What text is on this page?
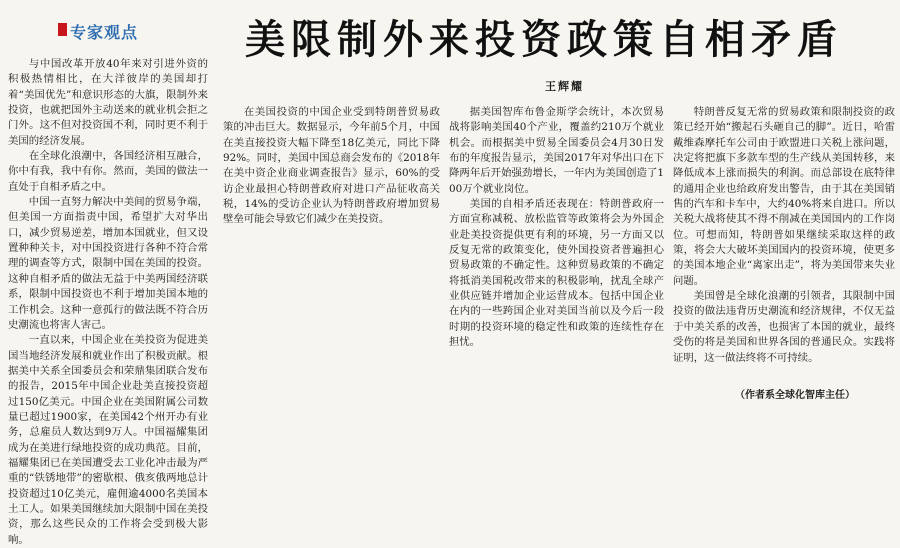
专家观点	美限制外来投资政策自相矛盾
王辉耀

与中国改革开放40年来对引进外资的积极热情相比，在大洋彼岸的美国却打着“美国优先”和意识形态的大旗，限制外来投资，也就把国外主动送来的就业机会拒之门外。这不但对投资国不利，同时更不利于美国的经济发展。

在全球化浪潮中，各国经济相互融合，你中有我，我中有你。然而，美国的做法一直处于自相矛盾之中。

中国一直努力解决中美间的贸易争端，但美国一方面指责中国，希望扩大对华出口，减少贸易逆差，增加本国就业，但又设置种种关卡，对中国投资进行各种不符合常理的调查等方式，限制中国在美国的投资。这种自相矛盾的做法无益于中美两国经济联系，限制中国投资也不利于增加美国本地的工作机会。这种一意孤行的做法既不符合历史潮流也将害人害己。

一直以来，中国企业在美投资为促进美国当地经济发展和就业作出了积极贡献。根据美中关系全国委员会和荣鼎集团联合发布的报告，2015年中国企业赴美直接投资超过150亿美元。中国企业在美国附属公司数量已超过1900家，在美国42个州开办有业务，总雇员人数达到9万人。中国福耀集团成为在美进行绿地投资的成功典范。目前，福耀集团已在美国遭受去工业化冲击最为严重的“铁锈地带”的密歇根、俄亥俄两地总计投资超过10亿美元，雇佣逾4000名美国本土工人。如果美国继续加大限制中国在美投资，那么这些民众的工作将会受到极大影响。

在美国投资的中国企业受到特朗普贸易政策的冲击巨大。数据显示，今年前5个月，中国在美直接投资大幅下降至18亿美元，同比下降92%。同时，美国中国总商会发布的《2018年在美中资企业商业调查报告》显示，60%的受访企业最担心特朗普政府对进口产品征收高关税，14%的受访企业认为特朗普政府增加贸易壁垒可能会导致它们减少在美投资。

据美国智库布鲁金斯学会统计，本次贸易战将影响美国40个产业，覆盖约210万个就业机会。而根据美中贸易全国委员会4月30日发布的年度报告显示，美国2017年对华出口在下降两年后开始强劲增长，一年内为美国创造了100万个就业岗位。

美国的自相矛盾还表现在：特朗普政府一方面宣称减税、放松监管等政策将会为外国企业赴美投资提供更有利的环境，另一方面又以反复无常的政策变化，使外国投资者普遍担心贸易政策的不确定性。这种贸易政策的不确定将抵消美国税改带来的积极影响，扰乱全球产业供应链并增加企业运营成本。包括中国企业在内的一些跨国企业对美国当前以及今后一段时期的投资环境的稳定性和政策的连续性存在担忧。

特朗普反复无常的贸易政策和限制投资的政策已经开始“搬起石头砸自己的脚”。近日，哈雷戴维森摩托车公司由于欧盟进口关税上涨问题，决定将把旗下多款车型的生产线从美国转移，来降低成本上涨而损失的利润。而总部设在底特律的通用企业也给政府发出警告，由于其在美国销售的汽车和卡车中，大约40%将来自进口。所以关税大战将使其不得不削减在美国国内的工作岗位。可想而知，特朗普如果继续采取这样的政策，将会大大破坏美国国内的投资环境，使更多的美国本地企业“离家出走”，将为美国带来失业问题。

美国曾是全球化浪潮的引领者，其限制中国投资的做法违背历史潮流和经济规律，不仅无益于中美关系的改善，也损害了本国的就业，最终受伤的将是美国和世界各国的普通民众。实践将证明，这一做法终将不可持续。

（作者系全球化智库主任）
